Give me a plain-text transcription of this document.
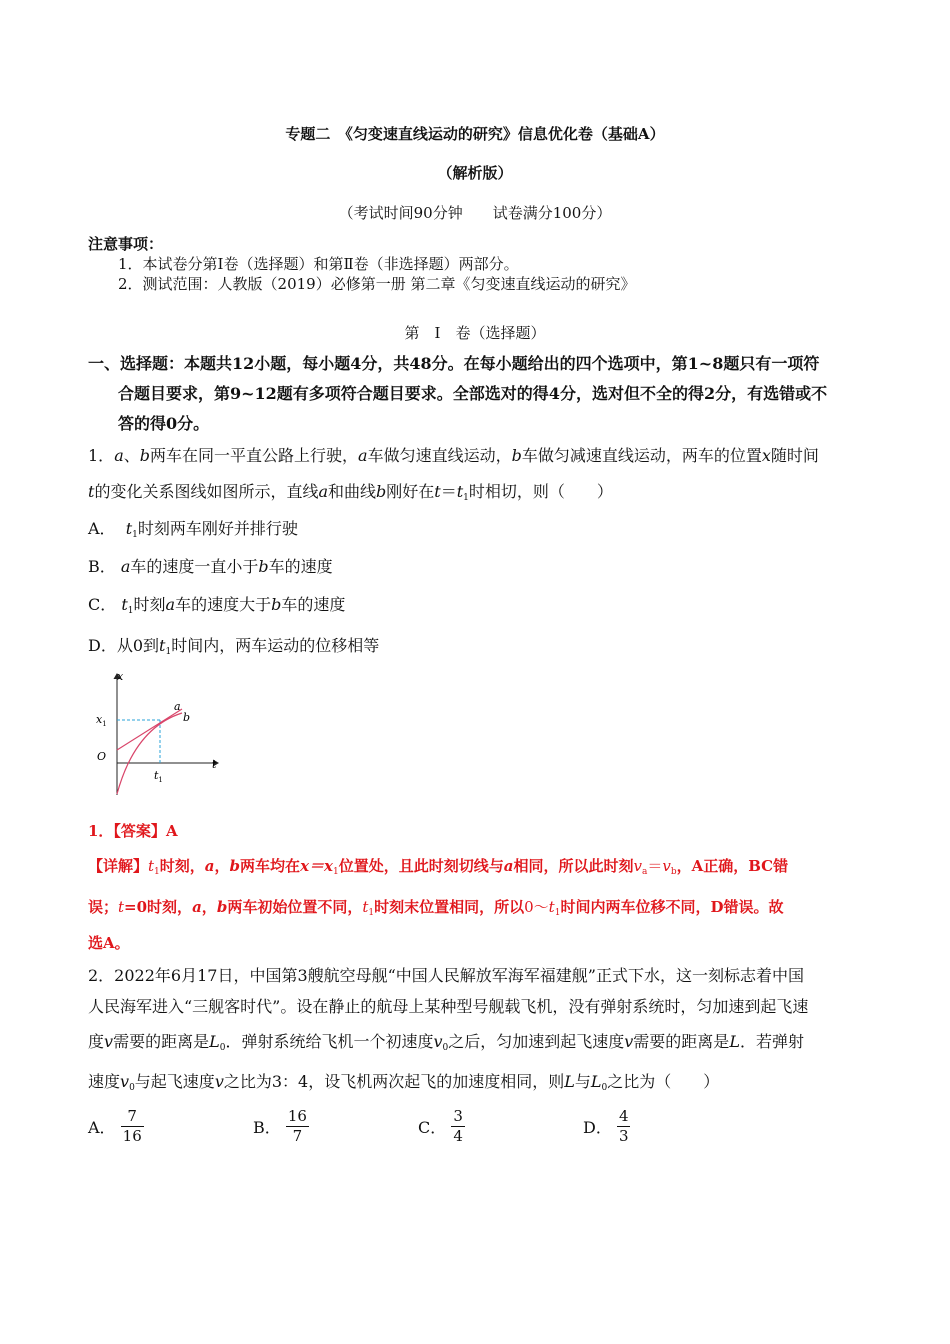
专题二　《匀变速直线运动的研究》信息优化卷（基础A）
（解析版）
（考试时间90分钟　　试卷满分100分）
注意事项：
1．本试卷分第Ⅰ卷（选择题）和第Ⅱ卷（非选择题）两部分。
2．测试范围：人教版（2019）必修第一册 第二章《匀变速直线运动的研究》
第　Ⅰ　卷（选择题）
一、选择题：本题共12小题，每小题4分，共48分。在每小题给出的四个选项中，第1~8题只有一项符
合题目要求，第9~12题有多项符合题目要求。全部选对的得4分，选对但不全的得2分，有选错或不
答的得0分。
1．a、b两车在同一平直公路上行驶，a车做匀速直线运动，b车做匀减速直线运动，两车的位置x随时间
t的变化关系图线如图所示，直线a和曲线b刚好在$t=t_1$时相切，则（　　）
A． $t_1$时刻两车刚好并排行驶
B． a车的速度一直小于b车的速度
C． $t_1$时刻a车的速度大于b车的速度
D．从0到$t_1$时间内，两车运动的位移相等
x
t
$x_1$
$t_1$
O
a
b
1．【答案】A
【详解】$t_1$时刻，a，b两车均在$x=x_1$位置处，且此时刻切线与a相同，所以此时刻$v_a=v_b$，A正确，BC错
误；t=0时刻，a，b两车初始位置不同，$t_1$时刻末位置相同，所以$0\sim t_1$时间内两车位移不同，D错误。故
选A。
2．2022年6月17日，中国第3艘航空母舰“中国人民解放军海军福建舰”正式下水，这一刻标志着中国
人民海军进入“三舰客时代”。设在静止的航母上某种型号舰载飞机，没有弹射系统时，匀加速到起飞速
度v需要的距离是$L_0$．弹射系统给飞机一个初速度$v_0$之后，匀加速到起飞速度v需要的距离是L．若弹射
速度$v_0$与起飞速度v之比为3：4，设飞机两次起飞的加速度相同，则L与$L_0$之比为（　　）
A． $\frac{7}{16}$	B． $\frac{16}{7}$	C． $\frac{3}{4}$	D． $\frac{4}{3}$
